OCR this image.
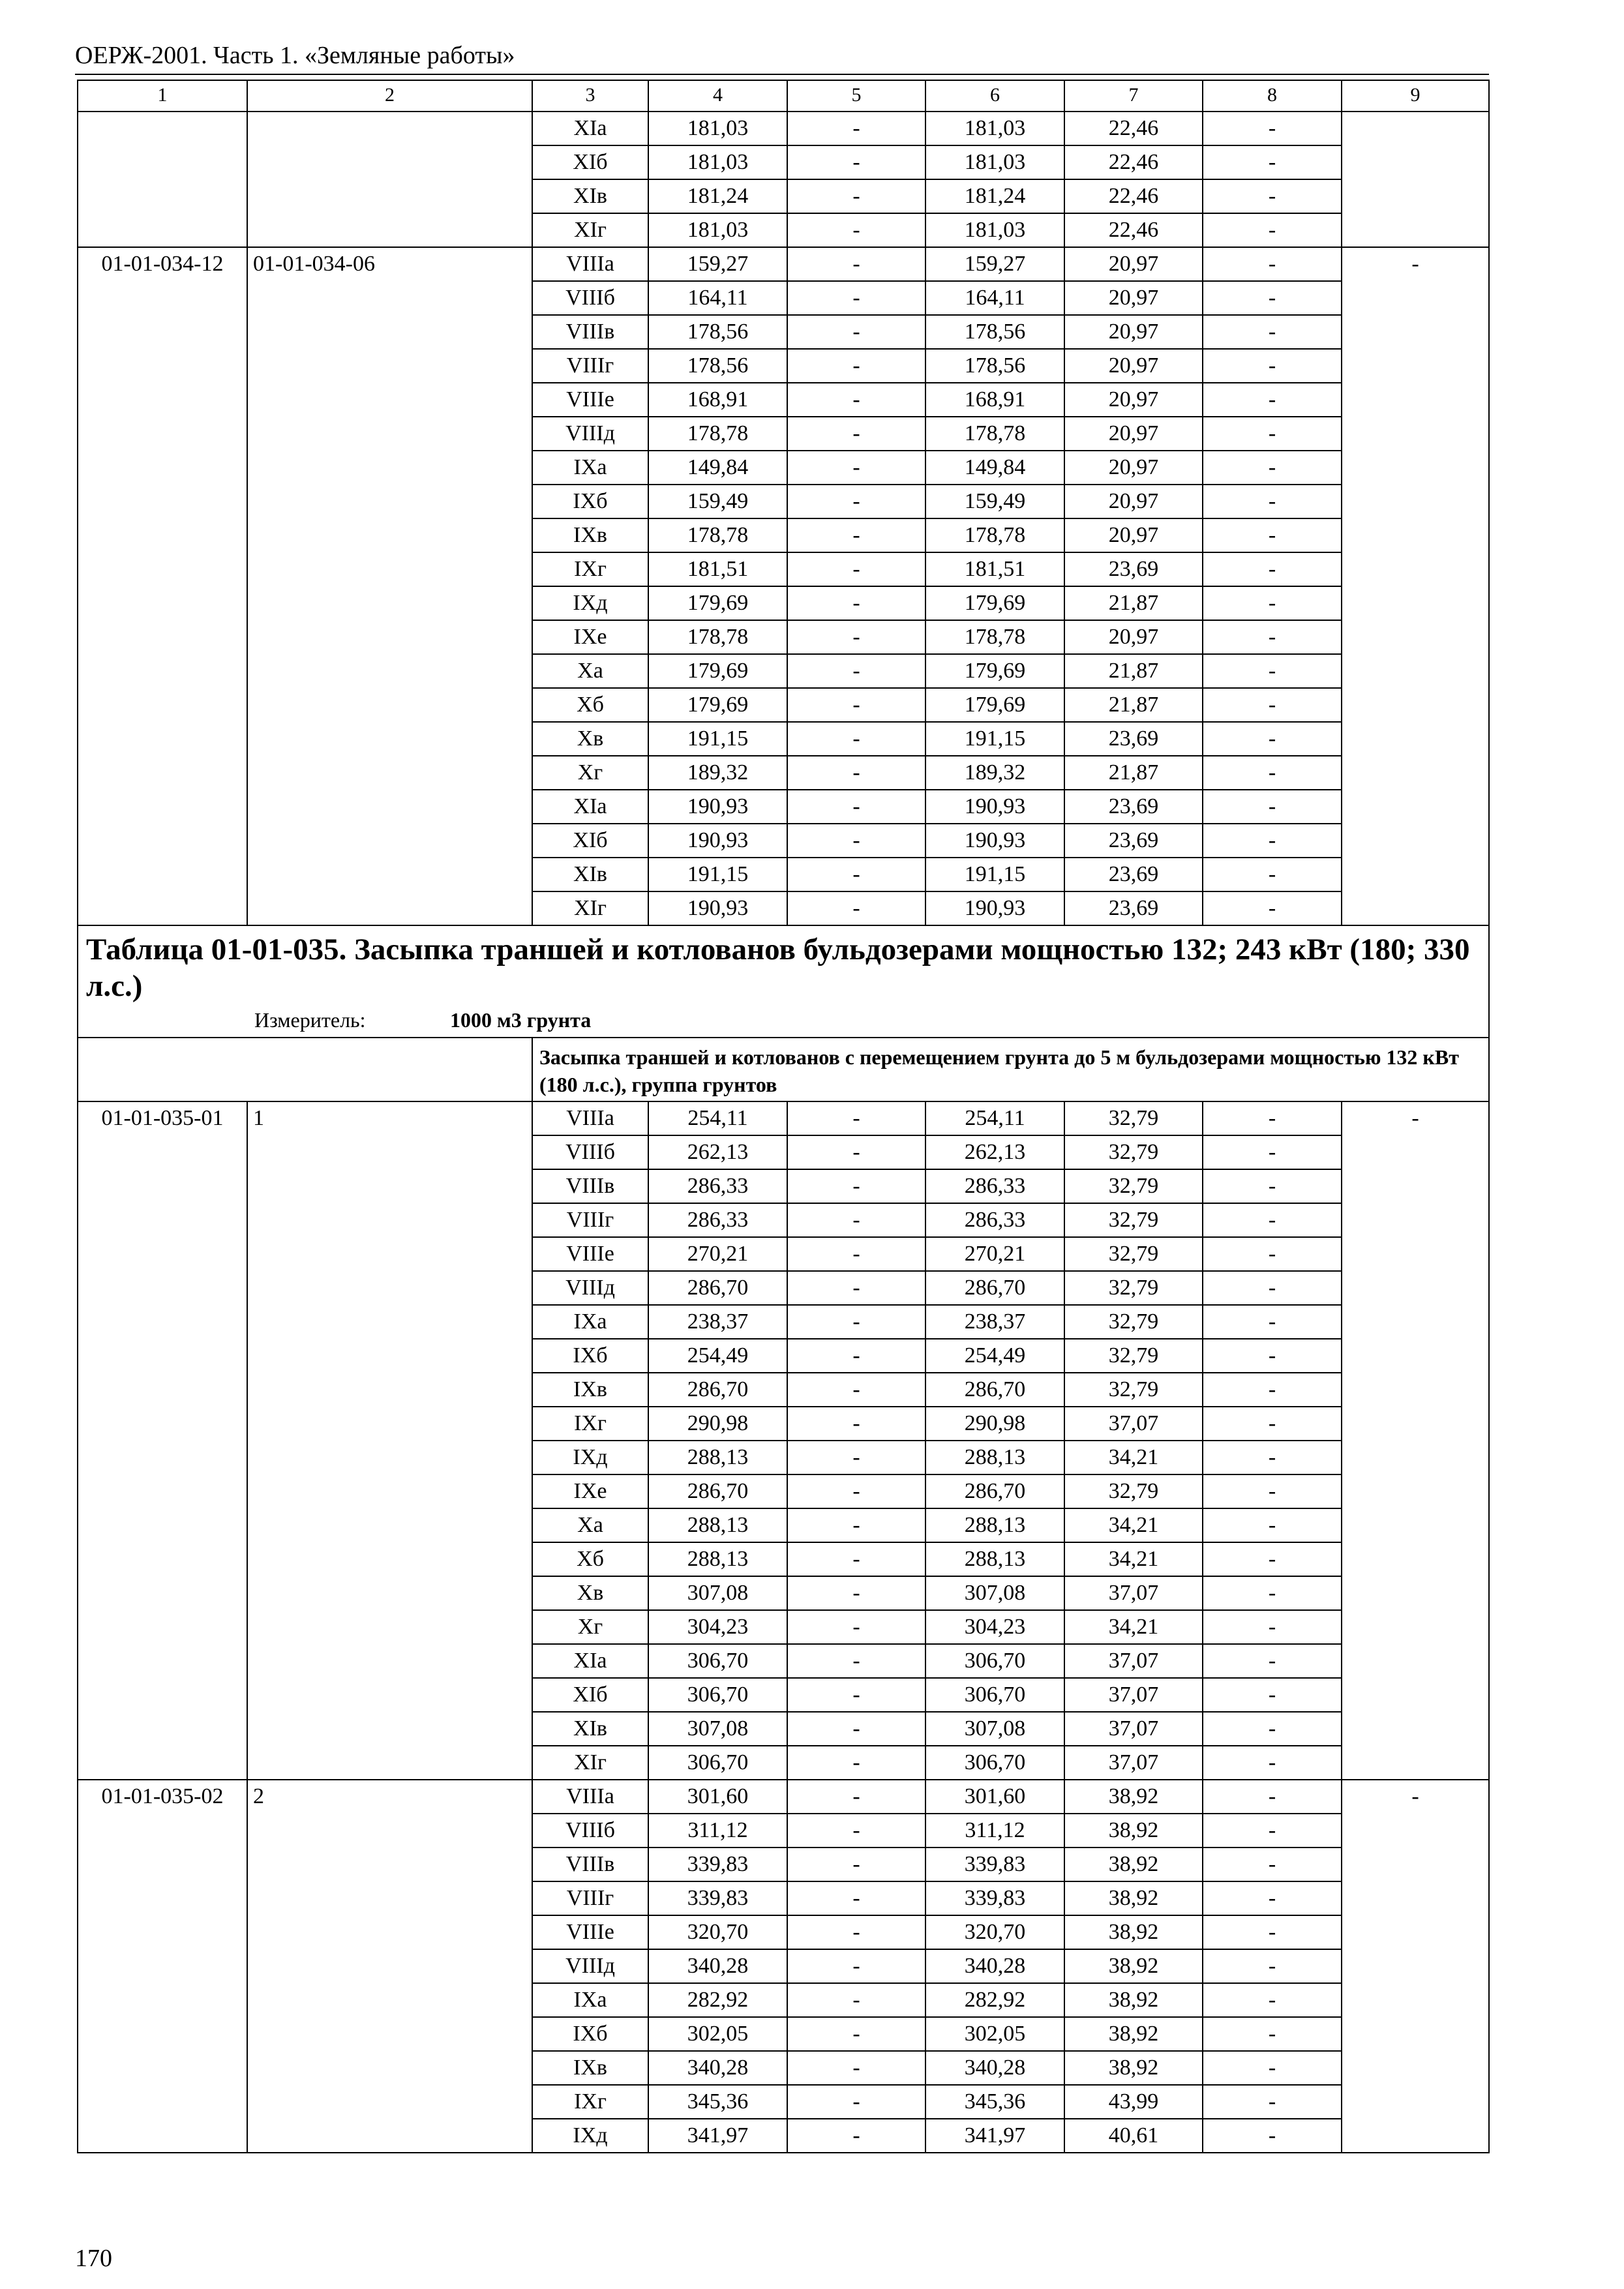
ОЕРЖ-2001. Часть 1. «Земляные работы»
1	2	3	4	5	6	7	8	9
		XIа	181,03	-	181,03	22,46	-	
		XIб	181,03	-	181,03	22,46	-	
		XIв	181,24	-	181,24	22,46	-	
		XIг	181,03	-	181,03	22,46	-	
01-01-034-12	01-01-034-06	VIIIа	159,27	-	159,27	20,97	-	-
		VIIIб	164,11	-	164,11	20,97	-	
		VIIIв	178,56	-	178,56	20,97	-	
		VIIIг	178,56	-	178,56	20,97	-	
		VIIIе	168,91	-	168,91	20,97	-	
		VIIIд	178,78	-	178,78	20,97	-	
		IXа	149,84	-	149,84	20,97	-	
		IXб	159,49	-	159,49	20,97	-	
		IXв	178,78	-	178,78	20,97	-	
		IXг	181,51	-	181,51	23,69	-	
		IXд	179,69	-	179,69	21,87	-	
		IXе	178,78	-	178,78	20,97	-	
		Xа	179,69	-	179,69	21,87	-	
		Xб	179,69	-	179,69	21,87	-	
		Xв	191,15	-	191,15	23,69	-	
		Xг	189,32	-	189,32	21,87	-	
		XIа	190,93	-	190,93	23,69	-	
		XIб	190,93	-	190,93	23,69	-	
		XIв	191,15	-	191,15	23,69	-	
		XIг	190,93	-	190,93	23,69	-	

Таблица 01-01-035. Засыпка траншей и котлованов бульдозерами мощностью 132; 243 кВт (180; 330 л.с.)
Измеритель: 1000 м3 грунта								

		Засыпка траншей и котлованов с перемещением грунта до 5 м бульдозерами мощностью 132 кВт (180 л.с.), группа грунтов						
01-01-035-01	1	VIIIа	254,11	-	254,11	32,79	-	-
		VIIIб	262,13	-	262,13	32,79	-	
		VIIIв	286,33	-	286,33	32,79	-	
		VIIIг	286,33	-	286,33	32,79	-	
		VIIIе	270,21	-	270,21	32,79	-	
		VIIIд	286,70	-	286,70	32,79	-	
		IXа	238,37	-	238,37	32,79	-	
		IXб	254,49	-	254,49	32,79	-	
		IXв	286,70	-	286,70	32,79	-	
		IXг	290,98	-	290,98	37,07	-	
		IXд	288,13	-	288,13	34,21	-	
		IXе	286,70	-	286,70	32,79	-	
		Xа	288,13	-	288,13	34,21	-	
		Xб	288,13	-	288,13	34,21	-	
		Xв	307,08	-	307,08	37,07	-	
		Xг	304,23	-	304,23	34,21	-	
		XIа	306,70	-	306,70	37,07	-	
		XIб	306,70	-	306,70	37,07	-	
		XIв	307,08	-	307,08	37,07	-	
		XIг	306,70	-	306,70	37,07	-	
01-01-035-02	2	VIIIа	301,60	-	301,60	38,92	-	-
		VIIIб	311,12	-	311,12	38,92	-	
		VIIIв	339,83	-	339,83	38,92	-	
		VIIIг	339,83	-	339,83	38,92	-	
		VIIIе	320,70	-	320,70	38,92	-	
		VIIIд	340,28	-	340,28	38,92	-	
		IXа	282,92	-	282,92	38,92	-	
		IXб	302,05	-	302,05	38,92	-	
		IXв	340,28	-	340,28	38,92	-	
		IXг	345,36	-	345,36	43,99	-	
		IXд	341,97	-	341,97	40,61	-	
170
